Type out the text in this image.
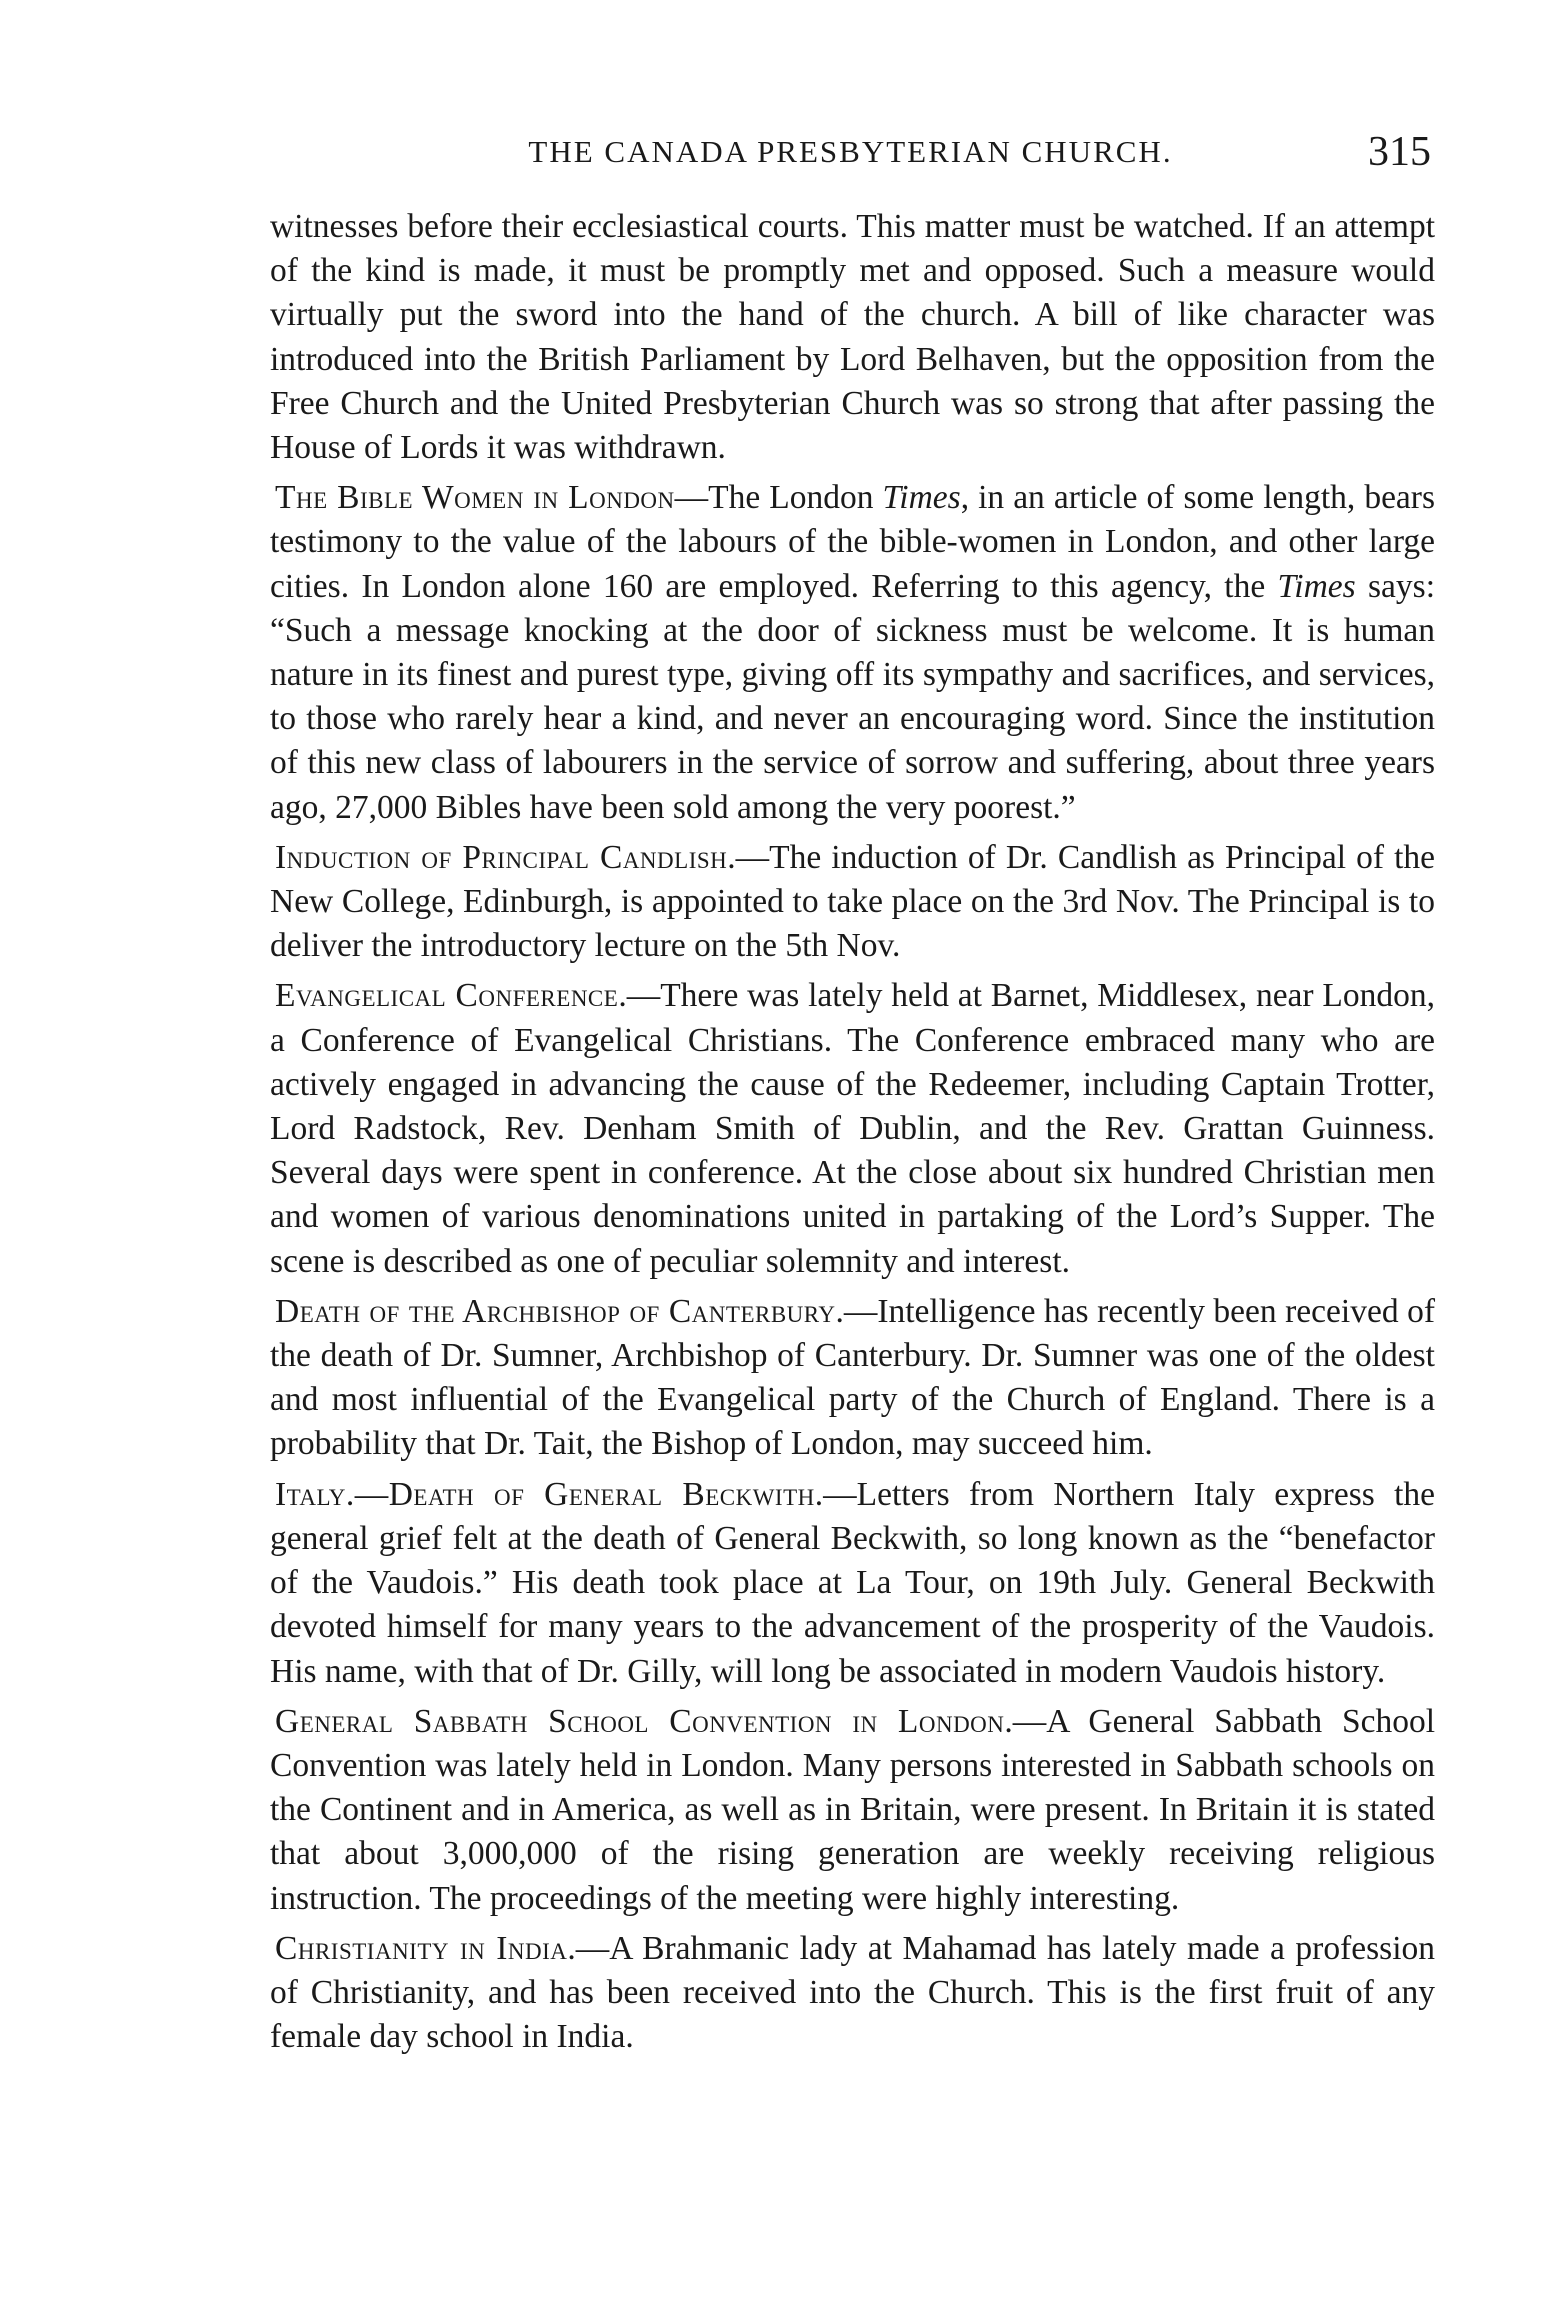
THE CANADA PRESBYTERIAN CHURCH.	315

witnesses before their ecclesiastical courts. This matter must be watched. If an attempt of the kind is made, it must be promptly met and opposed. Such a measure would virtually put the sword into the hand of the church. A bill of like character was introduced into the British Parliament by Lord Belhaven, but the opposition from the Free Church and the United Presbyterian Church was so strong that after passing the House of Lords it was withdrawn.

The Bible Women in London—The London Times, in an article of some length, bears testimony to the value of the labours of the bible-women in London, and other large cities. In London alone 160 are employed. Referring to this agency, the Times says: “Such a message knocking at the door of sickness must be welcome. It is human nature in its finest and purest type, giving off its sympathy and sacrifices, and services, to those who rarely hear a kind, and never an encouraging word. Since the institution of this new class of labourers in the service of sorrow and suffering, about three years ago, 27,000 Bibles have been sold among the very poorest.”

Induction of Principal Candlish.—The induction of Dr. Candlish as Principal of the New College, Edinburgh, is appointed to take place on the 3rd Nov. The Principal is to deliver the introductory lecture on the 5th Nov.

Evangelical Conference.—There was lately held at Barnet, Middlesex, near London, a Conference of Evangelical Christians. The Conference embraced many who are actively engaged in advancing the cause of the Redeemer, including Captain Trotter, Lord Radstock, Rev. Denham Smith of Dublin, and the Rev. Grattan Guinness. Several days were spent in conference. At the close about six hundred Christian men and women of various denominations united in partaking of the Lord’s Supper. The scene is described as one of peculiar solemnity and interest.

Death of the Archbishop of Canterbury.—Intelligence has recently been received of the death of Dr. Sumner, Archbishop of Canterbury. Dr. Sumner was one of the oldest and most influential of the Evangelical party of the Church of England. There is a probability that Dr. Tait, the Bishop of London, may succeed him.

Italy.—Death of General Beckwith.—Letters from Northern Italy express the general grief felt at the death of General Beckwith, so long known as the “benefactor of the Vaudois.” His death took place at La Tour, on 19th July. General Beckwith devoted himself for many years to the advancement of the prosperity of the Vaudois. His name, with that of Dr. Gilly, will long be associated in modern Vaudois history.

General Sabbath School Convention in London.—A General Sabbath School Convention was lately held in London. Many persons interested in Sabbath schools on the Continent and in America, as well as in Britain, were present. In Britain it is stated that about 3,000,000 of the rising generation are weekly receiving religious instruction. The proceedings of the meeting were highly interesting.

Christianity in India.—A Brahmanic lady at Mahamad has lately made a profession of Christianity, and has been received into the Church. This is the first fruit of any female day school in India.
